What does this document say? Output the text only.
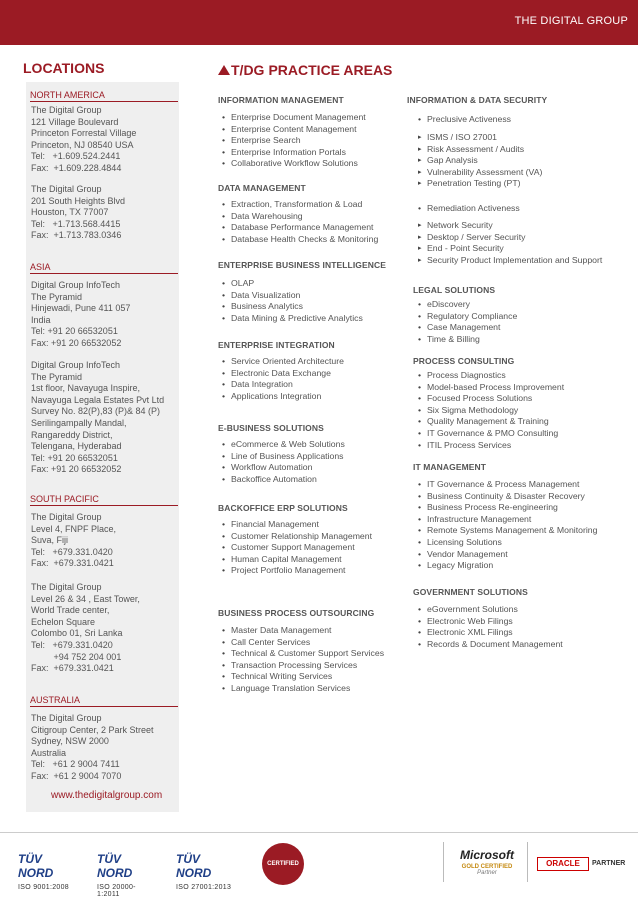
THE DIGITAL GROUP
LOCATIONS
NORTH AMERICA
The Digital Group
121 Village Boulevard
Princeton Forrestal Village
Princeton, NJ 08540 USA
Tel:   +1.609.524.2441
Fax:  +1.609.228.4844
The Digital Group
201 South Heights Blvd
Houston, TX 77007
Tel:   +1.713.568.4415
Fax:  +1.713.783.0346
ASIA
Digital Group InfoTech
The Pyramid
Hinjewadi, Pune 411 057
India
Tel: +91 20 66532051
Fax: +91 20 66532052
Digital Group InfoTech
The Pyramid
1st floor, Navayuga Inspire,
Navayuga Legala Estates Pvt Ltd
Survey No. 82(P),83 (P)& 84 (P)
Serilingampally Mandal,
Rangareddy District,
Telengana, Hyderabad
Tel: +91 20 66532051
Fax: +91 20 66532052
SOUTH PACIFIC
The Digital Group
Level 4, FNPF Place,
Suva, Fiji
Tel:   +679.331.0420
Fax:  +679.331.0421
The Digital Group
Level 26 & 34 , East Tower,
World Trade center,
Echelon Square
Colombo 01, Sri Lanka
Tel:   +679.331.0420
+94 752 204 001
Fax:  +679.331.0421
AUSTRALIA
The Digital Group
Citigroup Center, 2 Park Street
Sydney, NSW 2000
Australia
Tel:   +61 2 9004 7411
Fax:  +61 2 9004 7070
www.thedigitalgroup.com
T/DG PRACTICE AREAS
INFORMATION MANAGEMENT
• Enterprise Document Management
• Enterprise Content Management
• Enterprise Search
• Enterprise Information Portals
• Collaborative Workflow Solutions
DATA MANAGEMENT
• Extraction, Transformation & Load
• Data Warehousing
• Database Performance Management
• Database Health Checks & Monitoring
ENTERPRISE BUSINESS INTELLIGENCE
• OLAP
• Data Visualization
• Business Analytics
• Data Mining & Predictive Analytics
ENTERPRISE INTEGRATION
• Service Oriented Architecture
• Electronic Data Exchange
• Data Integration
• Applications Integration
E-BUSINESS SOLUTIONS
• eCommerce & Web Solutions
• Line of Business Applications
• Workflow Automation
• Backoffice Automation
BACKOFFICE ERP SOLUTIONS
• Financial Management
• Customer Relationship Management
• Customer Support Management
• Human Capital Management
• Project Portfolio Management
BUSINESS PROCESS OUTSOURCING
• Master Data Management
• Call Center Services
• Technical & Customer Support Services
• Transaction Processing Services
• Technical Writing Services
• Language Translation Services
INFORMATION & DATA SECURITY
• Preclusive Activeness
▸ ISMS / ISO 27001
▸ Risk Assessment / Audits
▸ Gap Analysis
▸ Vulnerability Assessment (VA)
▸ Penetration Testing (PT)
• Remediation Activeness
▸ Network Security
▸ Desktop / Server Security
▸ End - Point Security
▸ Security Product Implementation and Support
LEGAL SOLUTIONS
• eDiscovery
• Regulatory Compliance
• Case Management
• Time & Billing
PROCESS CONSULTING
• Process Diagnostics
• Model-based Process Improvement
• Focused Process Solutions
• Six Sigma Methodology
• Quality Management & Training
• IT Governance & PMO Consulting
• ITIL Process Services
IT MANAGEMENT
• IT Governance & Process Management
• Business Continuity & Disaster Recovery
• Business Process Re-engineering
• Infrastructure Management
• Remote Systems Management & Monitoring
• Licensing Solutions
• Vendor Management
• Legacy Migration
GOVERNMENT SOLUTIONS
• eGovernment Solutions
• Electronic Web Filings
• Electronic XML Filings
• Records & Document Management
TÜV NORD
ISO 9001:2008
TÜV NORD
ISO 20000-1:2011
TÜV NORD
ISO 27001:2013
CERTIFIED
Microsoft
GOLD CERTIFIED
Partner
ORACLE	PARTNER
